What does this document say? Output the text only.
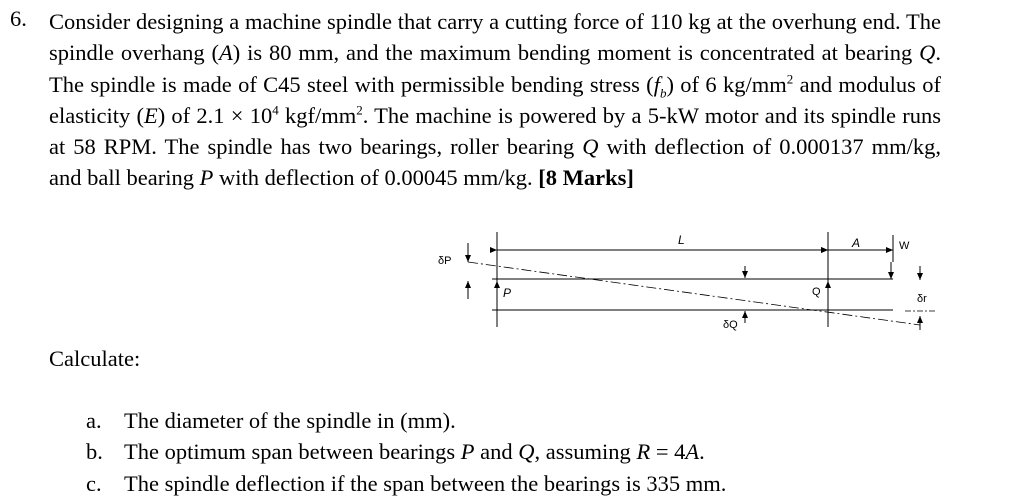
6. Consider designing a machine spindle that carry a cutting force of 110 kg at the overhung end. The spindle overhang (A) is 80 mm, and the maximum bending moment is concentrated at bearing Q. The spindle is made of C45 steel with permissible bending stress $(f_b)$ of 6 $kg/mm^2$ and modulus of elasticity (E) of $2.1 \times 10^4$ kgf/$mm^2$. The machine is powered by a 5-kW motor and its spindle runs at 58 RPM. The spindle has two bearings, roller bearing Q with deflection of 0.000137 mm/kg, and ball bearing P with deflection of 0.00045 mm/kg. [8 Marks]
L	A	W
δP
P	Q
δQ
δr
Calculate:
a. The diameter of the spindle in (mm).
b. The optimum span between bearings P and Q, assuming R = 4A.
c. The spindle deflection if the span between the bearings is 335 mm.
